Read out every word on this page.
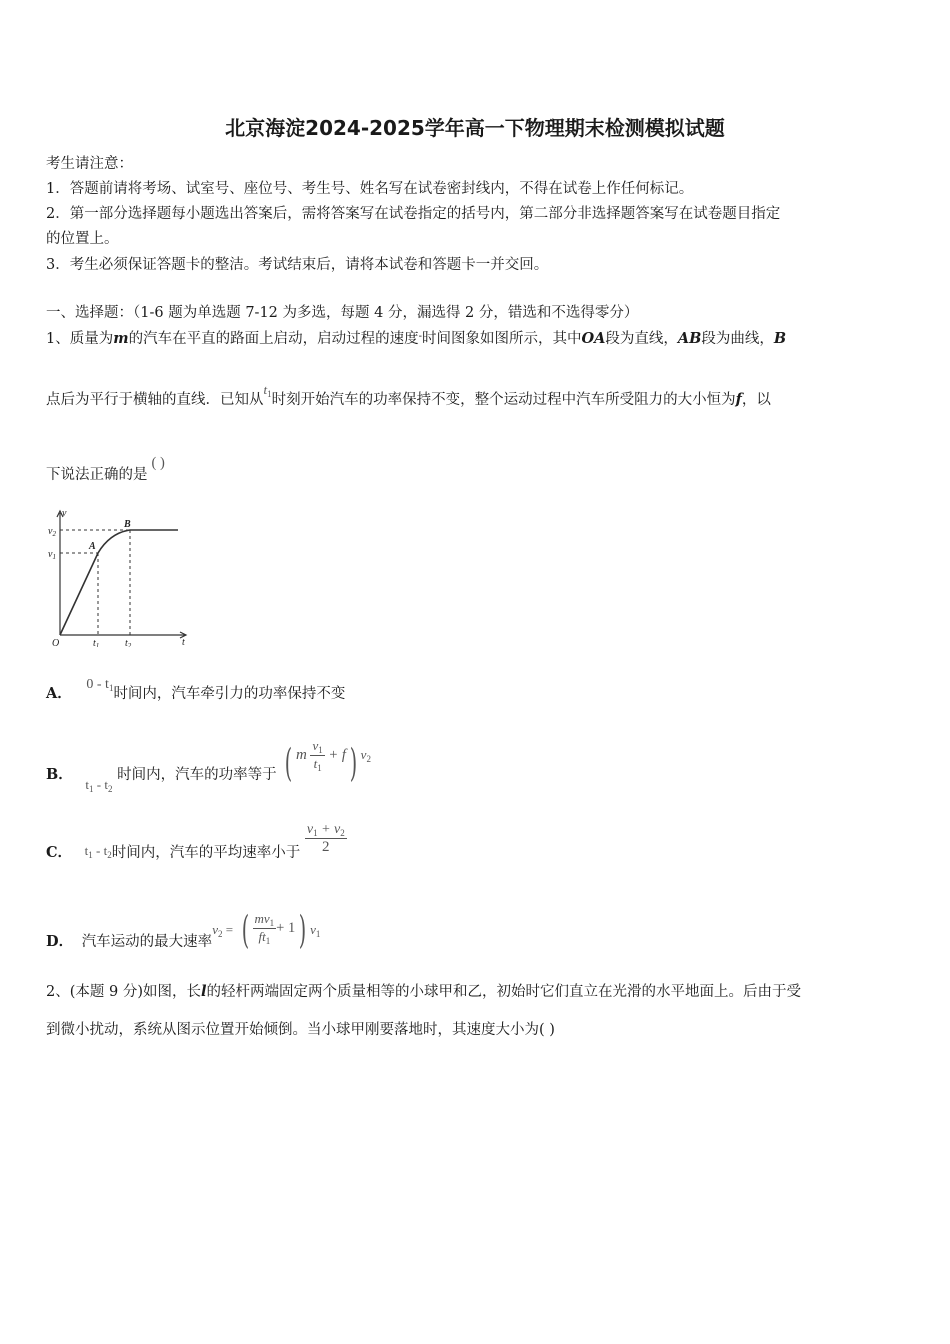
北京海淀2024-2025学年高一下物理期末检测模拟试题
考生请注意：
1．答题前请将考场、试室号、座位号、考生号、姓名写在试卷密封线内，不得在试卷上作任何标记。
2．第一部分选择题每小题选出答案后，需将答案写在试卷指定的括号内，第二部分非选择题答案写在试卷题目指定
的位置上。
3．考生必须保证答题卡的整洁。考试结束后，请将本试卷和答题卡一并交回。
一、选择题：（1-6 题为单选题 7-12 为多选，每题 4 分，漏选得 2 分，错选和不选得零分）
1、质量为m的汽车在平直的路面上启动，启动过程的速度-时间图象如图所示，其中OA段为直线，AB段为曲线，B
点后为平行于横轴的直线．已知从$t_1$时刻开始汽车的功率保持不变，整个运动过程中汽车所受阻力的大小恒为f，以
下说法正确的是( )
v
t
O
$v_1$
$v_2$
$t_1$	$t_2$
A
B
A． $0 - t_1$时间内，汽车牵引力的功率保持不变
B． $t_1 - t_2$ 时间内，汽车的功率等于 ( m $\frac{v_1}{t_1} + f$) $v_2$
C． $t_1 - t_2$时间内，汽车的平均速率小于 $\frac{v_1 + v_2}{2}$
D． 汽车运动的最大速率$v_2$ = ( $\frac{mv_1}{ft_1} + 1$) $v_1$
2、(本题 9 分)如图，长l的轻杆两端固定两个质量相等的小球甲和乙，初始时它们直立在光滑的水平地面上。后由于受
到微小扰动，系统从图示位置开始倾倒。当小球甲刚要落地时，其速度大小为( )
